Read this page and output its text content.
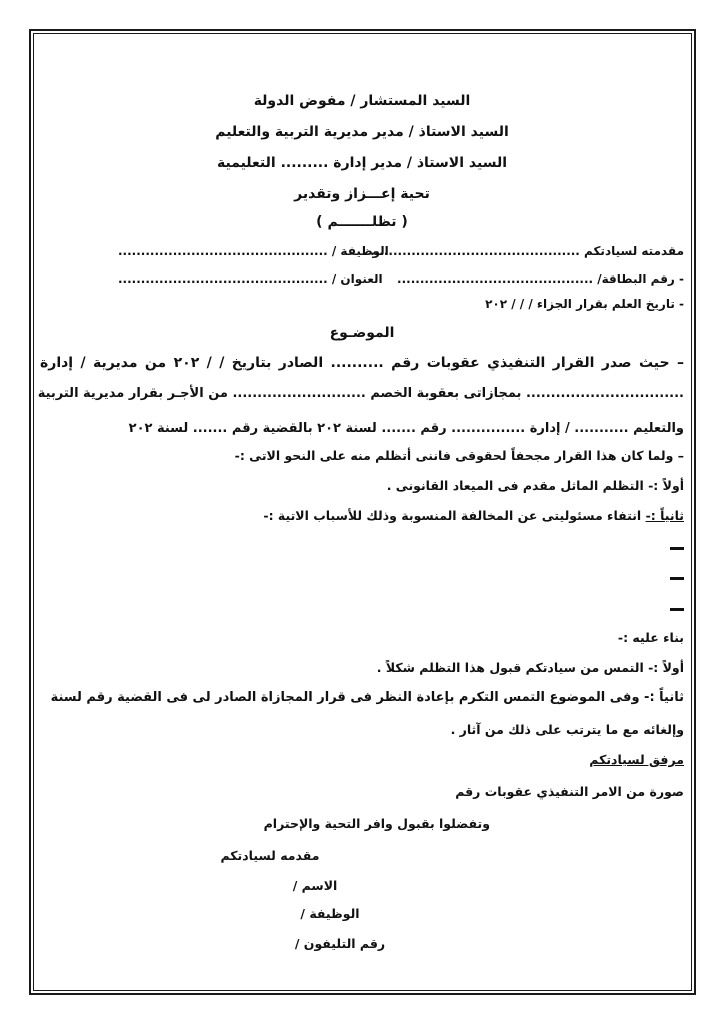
السيد المستشار / مفوض الدولة
السيد الاستاذ / مدير مديرية التربية والتعليم
السيد الاستاذ / مدير إدارة ......... التعليمية
تحية إعـــزاز وتقدير
( تظلـــــــم )
مقدمته لسيادتكم ..............................................
الوظيفة / ..............................................
- رقم البطاقة/ ...........................................
العنوان / ..............................................
- تاريخ العلم بقرار الجزاء / / / ٢٠٢
الموضـوع
– حيث صدر القرار التنفيذي عقوبات رقم .......... الصادر بتاريخ / / ٢٠٢ من مديرية / إدارة
................................ بمجازاتى بعقوبة الخصم ........................... من الأجـر بقرار مديرية التربية
والتعليم ........... / إدارة ............... رقم ....... لسنة ٢٠٢ بالقضية رقم ....... لسنة ٢٠٢
– ولما كان هذا القرار مجحفاً لحقوقى فاننى أتظلم منه على النحو الاتى :-
أولاً :- التظلم الماثل مقدم فى الميعاد القانونى .
ثانياً :- انتفاء مسئوليتى عن المخالفة المنسوبة وذلك للأسباب الاتية :-
بناء عليه :-
أولاً :- التمس من سيادتكم قبول هذا التظلم شكلاً .
ثانياً :- وفى الموضوع التمس التكرم بإعادة النظر فى قرار المجازاة الصادر لى فى القضية رقم لسنة
وإلغائه مع ما يترتب على ذلك من آثار .
مرفق لسيادتكم
صورة من الامر التنفيذي عقوبات رقم
وتفضلوا بقبول وافر التحية والإحترام
مقدمه لسيادتكم
الاسم /
الوظيفة /
رقم التليفون /
